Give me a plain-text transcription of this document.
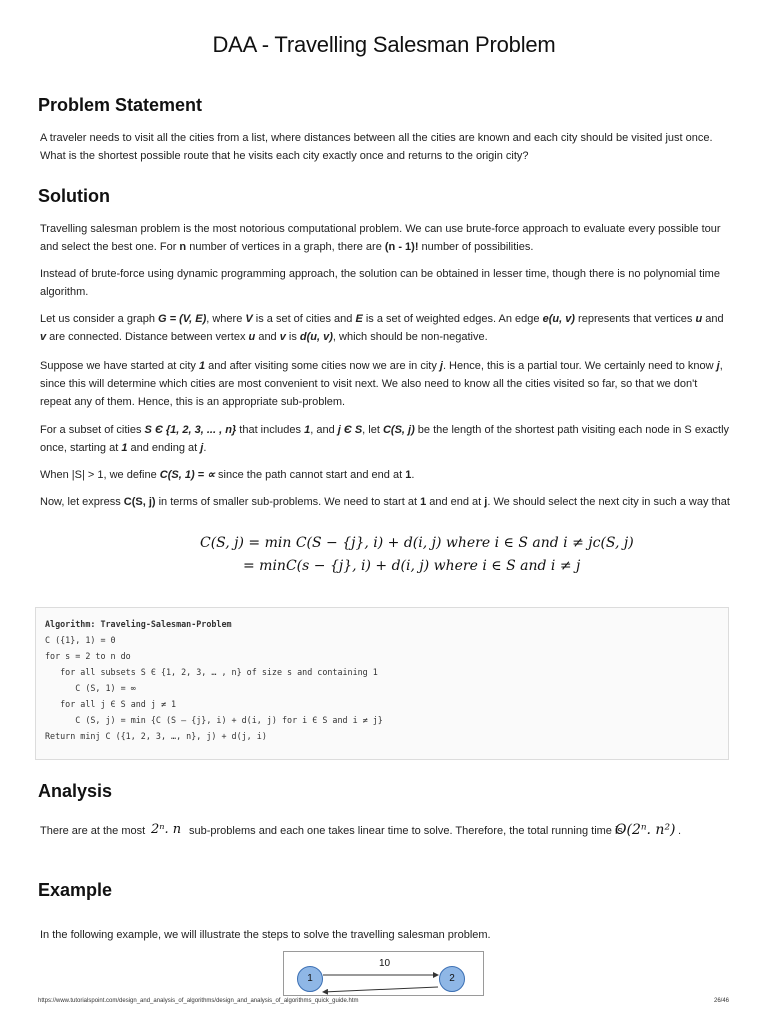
DAA - Travelling Salesman Problem
Problem Statement

A traveler needs to visit all the cities from a list, where distances between all the cities are known and each city should be visited just once. What is the shortest possible route that he visits each city exactly once and returns to the origin city?

Solution

Travelling salesman problem is the most notorious computational problem. We can use brute-force approach to evaluate every possible tour and select the best one. For n number of vertices in a graph, there are (n - 1)! number of possibilities.

Instead of brute-force using dynamic programming approach, the solution can be obtained in lesser time, though there is no polynomial time algorithm.

Let us consider a graph G = (V, E), where V is a set of cities and E is a set of weighted edges. An edge e(u, v) represents that vertices u and v are connected. Distance between vertex u and v is d(u, v), which should be non-negative.

Suppose we have started at city 1 and after visiting some cities now we are in city j. Hence, this is a partial tour. We certainly need to know j, since this will determine which cities are most convenient to visit next. We also need to know all the cities visited so far, so that we don't repeat any of them. Hence, this is an appropriate sub-problem.

For a subset of cities S Є {1, 2, 3, ... , n} that includes 1, and j Є S, let C(S, j) be the length of the shortest path visiting each node in S exactly once, starting at 1 and ending at j.

When |S| > 1, we define C(S, 1) = ∝ since the path cannot start and end at 1.

Now, let express C(S, j) in terms of smaller sub-problems. We need to start at 1 and end at j. We should select the next city in such a way that

C(S, j) = min C(S − {j}, i) + d(i, j) where i ∈ S and i ≠ jc(S, j)
= minC(s − {j}, i) + d(i, j) where i ∈ S and i ≠ j
Algorithm: Traveling-Salesman-Problem
C ({1}, 1) = 0
for s = 2 to n do
for all subsets S Є {1, 2, 3, … , n} of size s and containing 1
C (S, 1) = ∞
for all j Є S and j ≠ 1
C (S, j) = min {C (S – {j}, i) + d(i, j) for i Є S and i ≠ j}
Return minj C ({1, 2, 3, …, n}, j) + d(j, i)
Analysis
There are at the most 2ⁿ. n sub-problems and each one takes linear time to solve. Therefore, the total running time is
O(2ⁿ. n²) .
Example

In the following example, we will illustrate the steps to solve the travelling salesman problem.

1	2
10
https://www.tutorialspoint.com/design_and_analysis_of_algorithms/design_and_analysis_of_algorithms_quick_guide.htm	26/46
